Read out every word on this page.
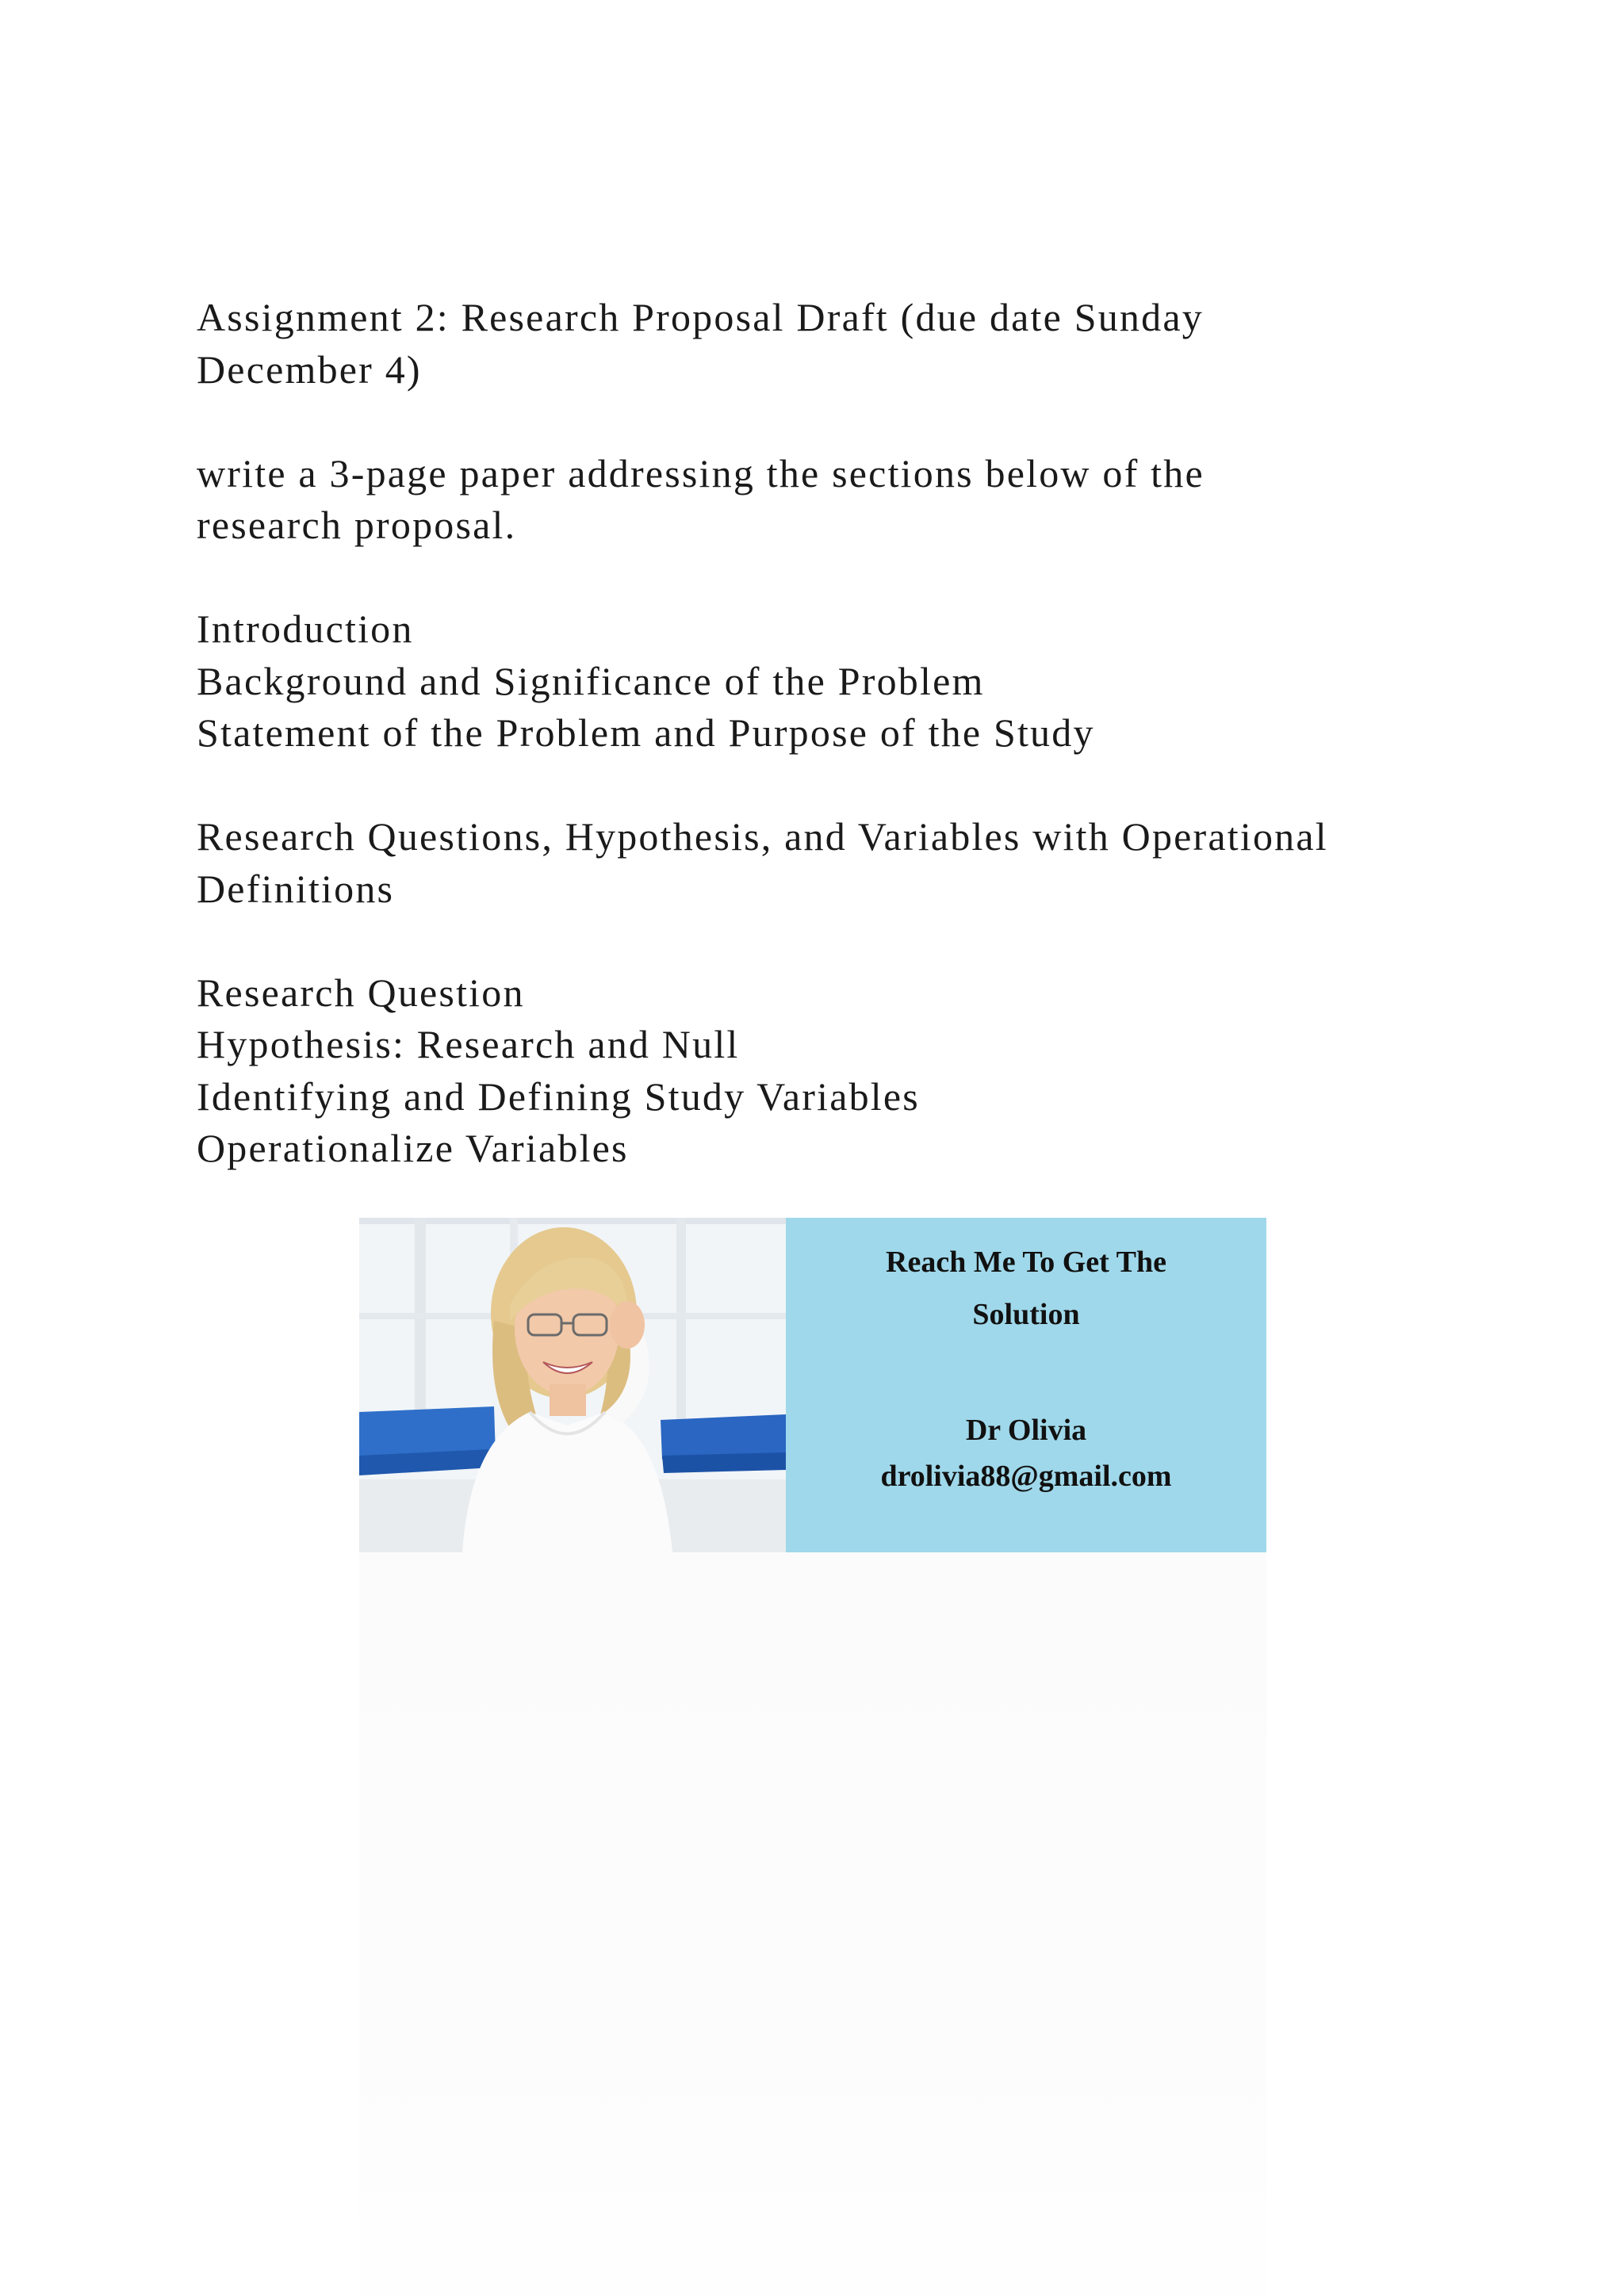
Assignment 2: Research Proposal Draft (due date Sunday

December 4)

write a 3-page paper addressing the sections below of the

research proposal.

Introduction

Background and Significance of the Problem

Statement of the Problem and Purpose of the Study

Research Questions, Hypothesis, and Variables with Operational

Definitions

Research Question

Hypothesis: Research and Null

Identifying and Defining Study Variables

Operationalize Variables

Reach Me To Get The
Solution
Dr Olivia
drolivia88@gmail.com
